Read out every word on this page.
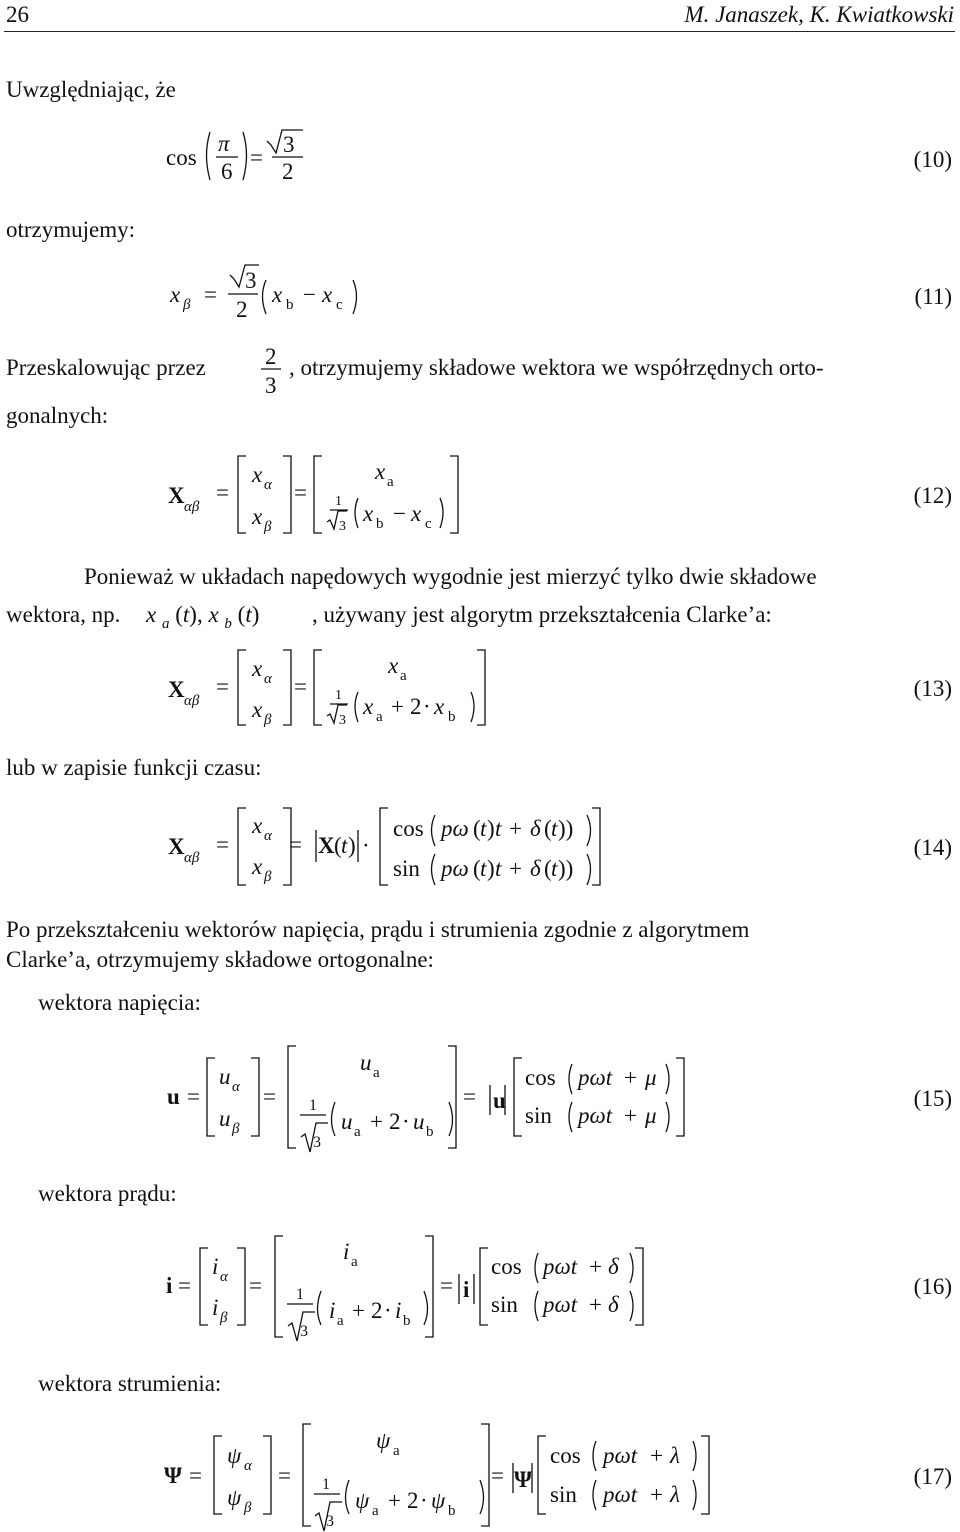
26	M. Janaszek, K. Kwiatkowski
Uwzględniając, że
otrzymujemy:
Przeskalowując przez	, otrzymujemy składowe wektora we współrzędnych orto-
gonalnych:
Ponieważ w układach napędowych wygodnie jest mierzyć tylko dwie składowe
wektora, np. x $_a$ (t), x $_b$ (t) , używany jest algorytm przekształcenia Clarke’a:
lub w zapisie funkcji czasu:
Po przekształceniu wektorów napięcia, prądu i strumienia zgodnie z algorytmem
Clarke’a, otrzymujemy składowe ortogonalne:
wektora napięcia:
wektora prądu:
wektora strumienia:
(10)
(11)
(12)
(13)
(14)
(15)
(16)
(17)
cos
π
6
=
3
2
x β =
3
2
x b − x c
2
3
X αβ
=
x α
x β
=
x a
1
3
x b − x c
X αβ
=
x α
x β
=
x a
1
3
x a + 2 · x b
X αβ
=
x α
x β
= X ( t ) ·
cos pω ( t ) t + δ ( t ))
sin pω ( t ) t + δ ( t ))
u =
u α
u β
=
u a
1
3
u a + 2 · u b
= u
cos pωt + μ
sin pωt + μ
i =
i α
i β
=
i a
1
3
i a + 2 · i b
= i
cos pωt + δ
sin pωt + δ
Ψ =
ψ α
ψ β
=
ψ a
1
3
ψ a + 2 · ψ b
= Ψ
cos pωt + λ
sin pωt + λ
